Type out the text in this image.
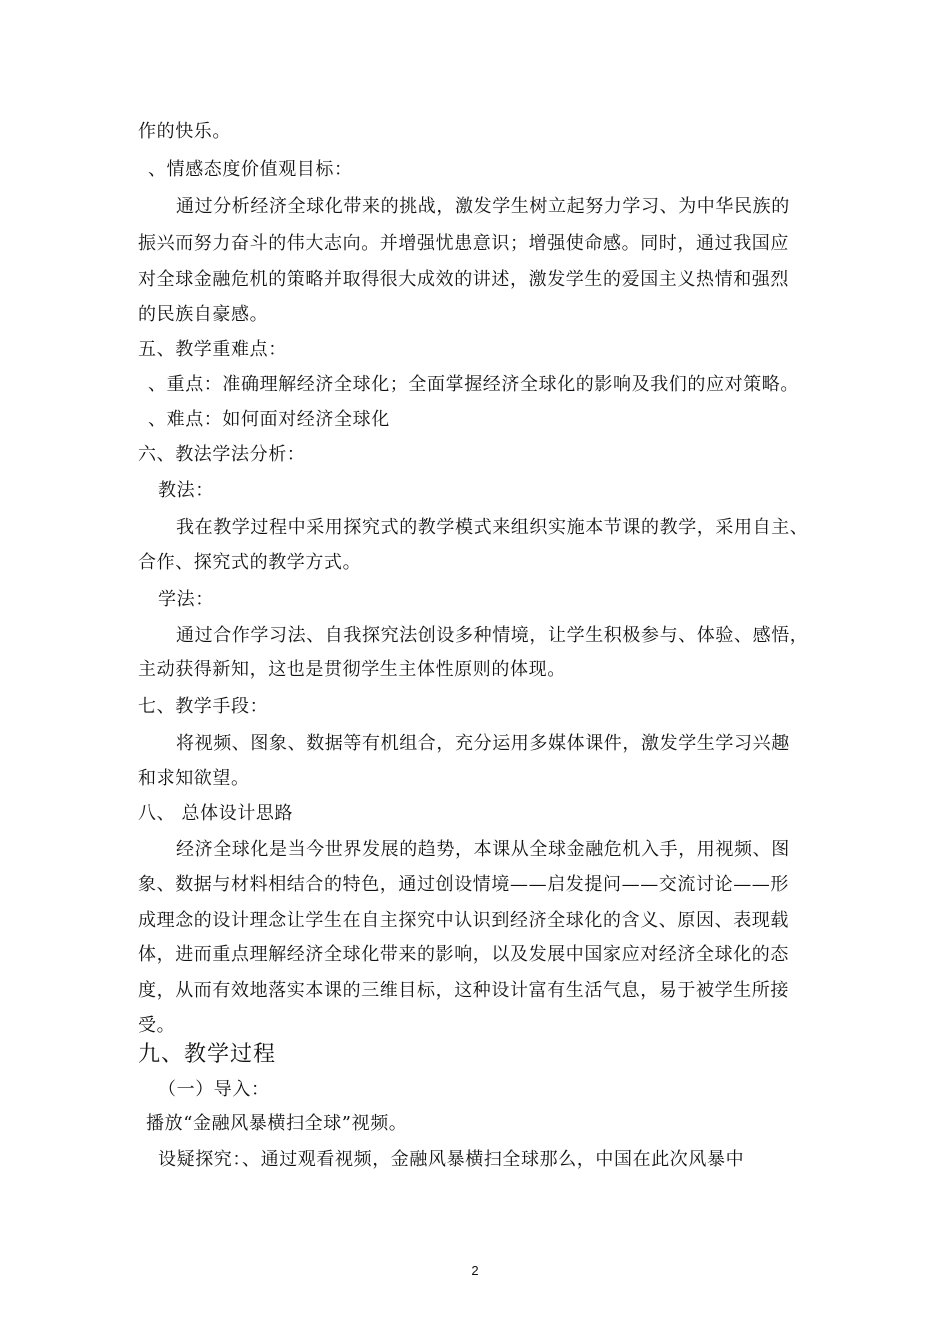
作的快乐。
、情感态度价值观目标：
通过分析经济全球化带来的挑战，激发学生树立起努力学习、为中华民族的
振兴而努力奋斗的伟大志向。并增强忧患意识；增强使命感。同时，通过我国应
对全球金融危机的策略并取得很大成效的讲述，激发学生的爱国主义热情和强烈
的民族自豪感。
五、教学重难点：
、重点：准确理解经济全球化；全面掌握经济全球化的影响及我们的应对策略。
、难点：如何面对经济全球化
六、教法学法分析：
教法：
我在教学过程中采用探究式的教学模式来组织实施本节课的教学，采用自主、
合作、探究式的教学方式。
学法：
通过合作学习法、自我探究法创设多种情境，让学生积极参与、体验、感悟，
主动获得新知，这也是贯彻学生主体性原则的体现。
七、教学手段：
将视频、图象、数据等有机组合，充分运用多媒体课件，激发学生学习兴趣
和求知欲望。
八、 总体设计思路
经济全球化是当今世界发展的趋势，本课从全球金融危机入手，用视频、图
象、数据与材料相结合的特色，通过创设情境——启发提问——交流讨论——形
成理念的设计理念让学生在自主探究中认识到经济全球化的含义、原因、表现载
体，进而重点理解经济全球化带来的影响，以及发展中国家应对经济全球化的态
度，从而有效地落实本课的三维目标，这种设计富有生活气息，易于被学生所接
受。
九、教学过程
（一）导入：
播放“金融风暴横扫全球”视频。
设疑探究：、通过观看视频，金融风暴横扫全球那么，中国在此次风暴中
2
